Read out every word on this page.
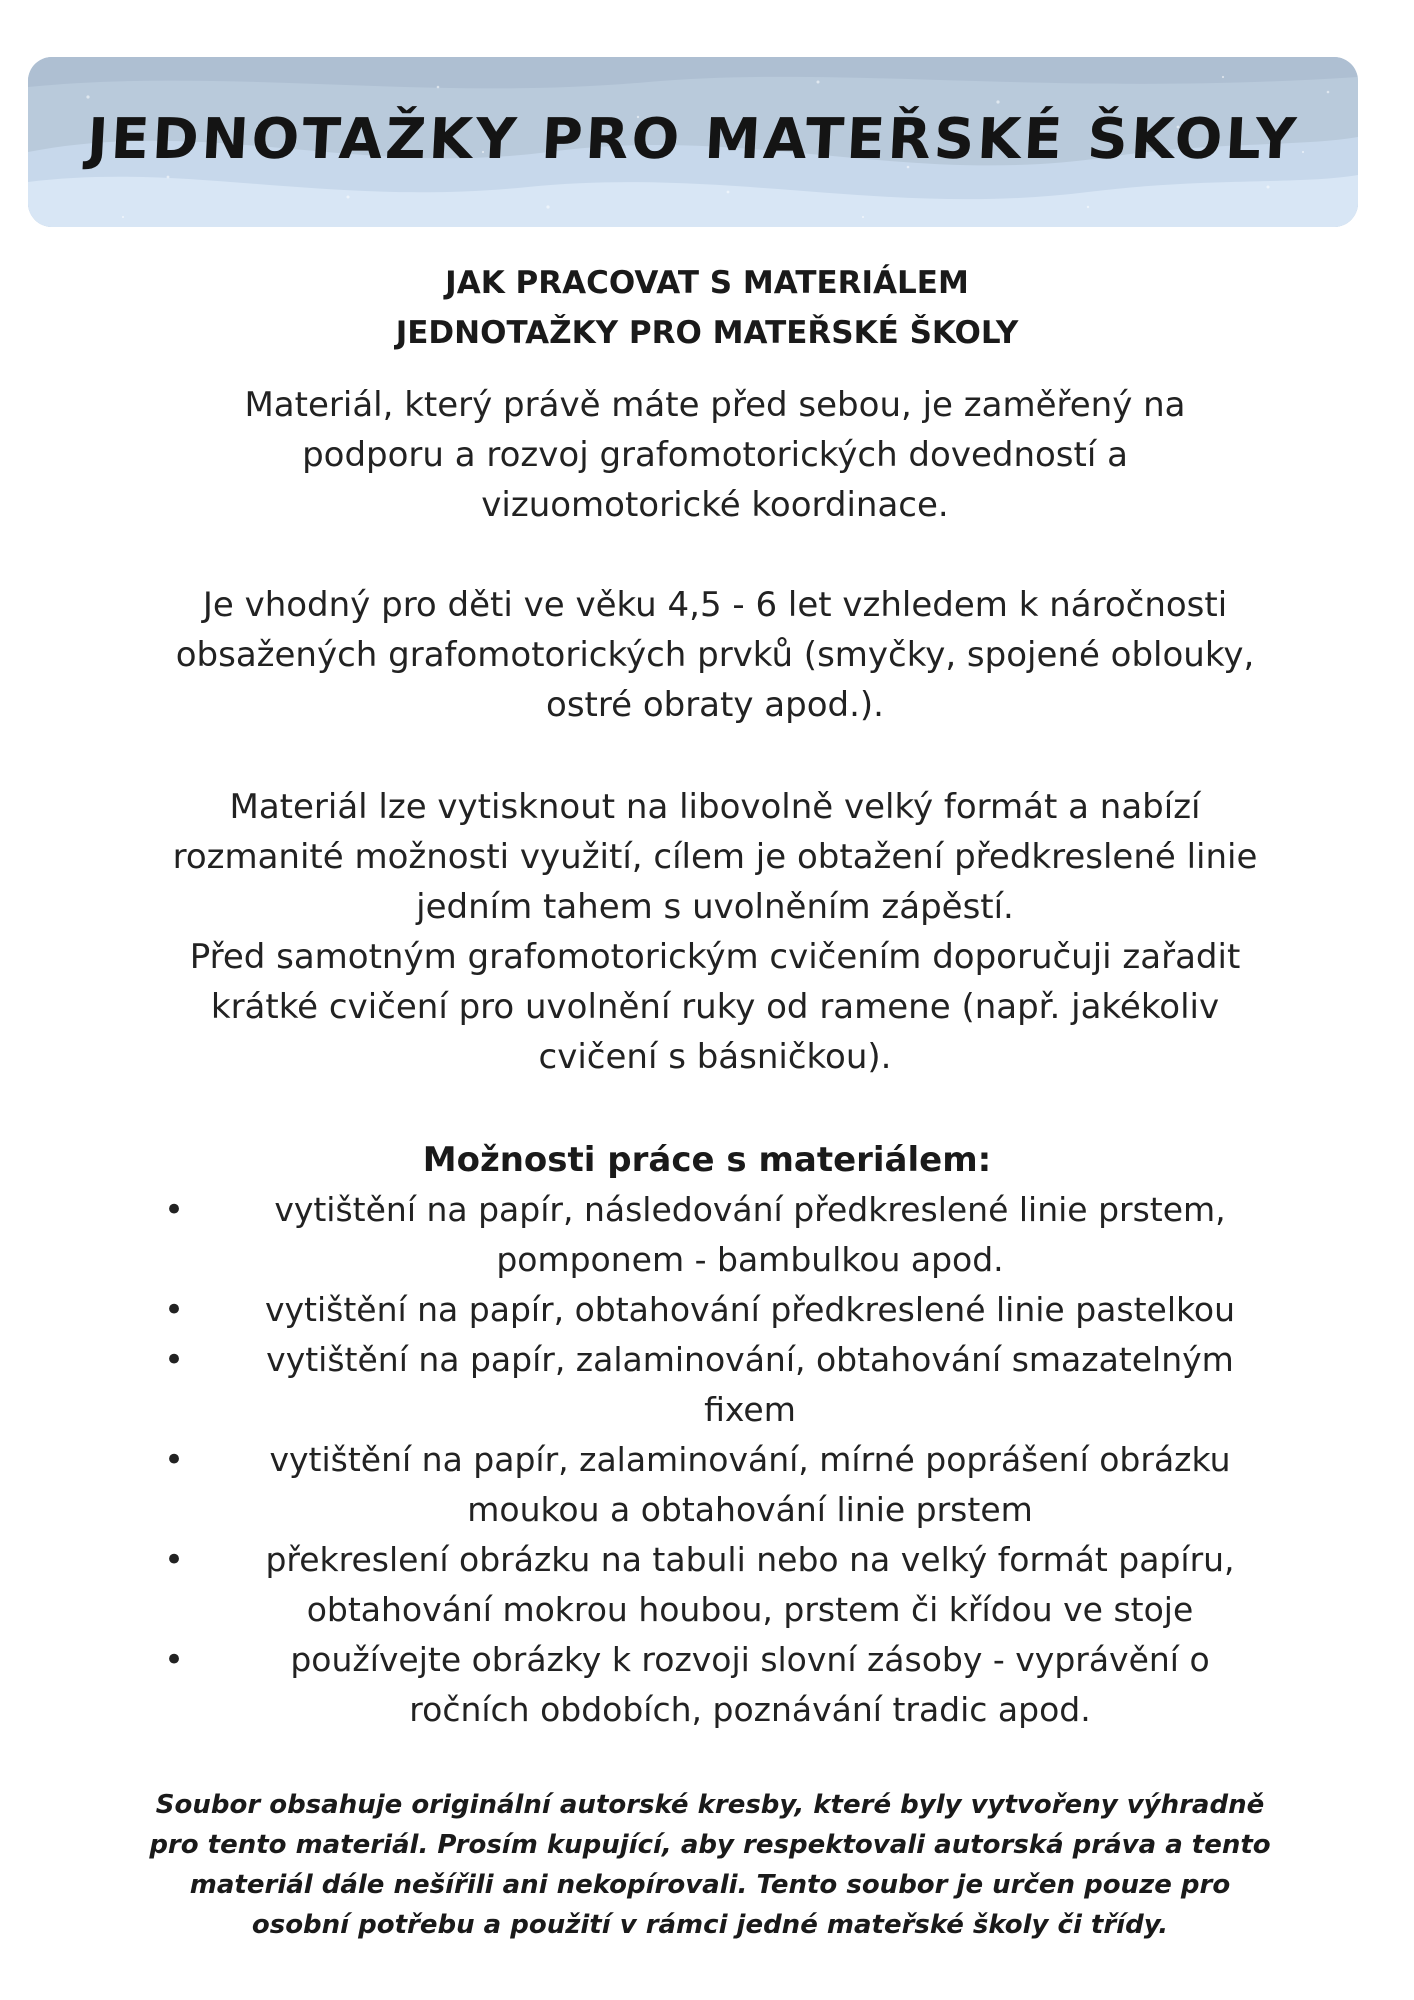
JEDNOTAŽKY PRO MATEŘSKÉ ŠKOLY
JAK PRACOVAT S MATERIÁLEM
JEDNOTAŽKY PRO MATEŘSKÉ ŠKOLY
Materiál, který právě máte před sebou, je zaměřený na
podporu a rozvoj grafomotorických dovedností a
vizuomotorické koordinace.
Je vhodný pro děti ve věku 4,5 - 6 let vzhledem k náročnosti
obsažených grafomotorických prvků (smyčky, spojené oblouky,
ostré obraty apod.).
Materiál lze vytisknout na libovolně velký formát a nabízí
rozmanité možnosti využití, cílem je obtažení předkreslené linie
jedním tahem s uvolněním zápěstí.
Před samotným grafomotorickým cvičením doporučuji zařadit
krátké cvičení pro uvolnění ruky od ramene (např. jakékoliv
cvičení s básničkou).
Možnosti práce s materiálem:
•	vytištění na papír, následování předkreslené linie prstem,
pomponem - bambulkou apod.
•	vytištění na papír, obtahování předkreslené linie pastelkou
•	vytištění na papír, zalaminování, obtahování smazatelným
fixem
•	vytištění na papír, zalaminování, mírné poprášení obrázku
moukou a obtahování linie prstem
•	překreslení obrázku na tabuli nebo na velký formát papíru,
obtahování mokrou houbou, prstem či křídou ve stoje
•	používejte obrázky k rozvoji slovní zásoby - vyprávění o
ročních obdobích, poznávání tradic apod.
Soubor obsahuje originální autorské kresby, které byly vytvořeny výhradně
pro tento materiál. Prosím kupující, aby respektovali autorská práva a tento
materiál dále nešířili ani nekopírovali. Tento soubor je určen pouze pro
osobní potřebu a použití v rámci jedné mateřské školy či třídy.
